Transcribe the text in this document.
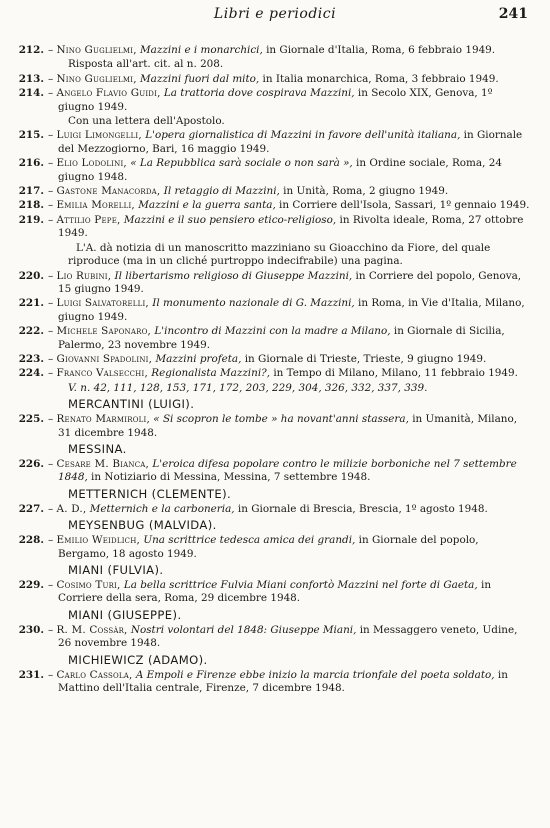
Libri e periodici	241
212. – Nino Guglielmi, Mazzini e i monarchici, in Giornale d'Italia, Roma, 6 febbraio 1949.
Risposta all'art. cit. al n. 208.
213. – Nino Guglielmi, Mazzini fuori dal mito, in Italia monarchica, Roma, 3 febbraio 1949.
214. – Angelo Flavio Guidi, La trattoria dove cospirava Mazzini, in Secolo XIX, Genova, 1º giugno 1949.
Con una lettera dell'Apostolo.
215. – Luigi Limongelli, L'opera giornalistica di Mazzini in favore dell'unità italiana, in Giornale del Mezzogiorno, Bari, 16 maggio 1949.
216. – Elio Lodolini, « La Repubblica sarà sociale o non sarà », in Ordine sociale, Roma, 24 giugno 1948.
217. – Gastone Manacorda, Il retaggio di Mazzini, in Unità, Roma, 2 giugno 1949.
218. – Emilia Morelli, Mazzini e la guerra santa, in Corriere dell'Isola, Sassari, 1º gennaio 1949.
219. – Attilio Pepe, Mazzini e il suo pensiero etico-religioso, in Rivolta ideale, Roma, 27 ottobre 1949.
L'A. dà notizia di un manoscritto mazziniano su Gioacchino da Fiore, del quale riproduce (ma in un cliché purtroppo indecifrabile) una pagina.
220. – Lio Rubini, Il libertarismo religioso di Giuseppe Mazzini, in Corriere del popolo, Genova, 15 giugno 1949.
221. – Luigi Salvatorelli, Il monumento nazionale di G. Mazzini, in Roma, in Vie d'Italia, Milano, giugno 1949.
222. – Michele Saponaro, L'incontro di Mazzini con la madre a Milano, in Giornale di Sicilia, Palermo, 23 novembre 1949.
223. – Giovanni Spadolini, Mazzini profeta, in Giornale di Trieste, Trieste, 9 giugno 1949.
224. – Franco Valsecchi, Regionalista Mazzini?, in Tempo di Milano, Milano, 11 febbraio 1949.
V. n. 42, 111, 128, 153, 171, 172, 203, 229, 304, 326, 332, 337, 339.
MERCANTINI (LUIGI).
225. – Renato Marmiroli, « Si scopron le tombe » ha novant'anni stassera, in Umanità, Milano, 31 dicembre 1948.
MESSINA.
226. – Cesare M. Bianca, L'eroica difesa popolare contro le milizie borboniche nel 7 settembre 1848, in Notiziario di Messina, Messina, 7 settembre 1948.
METTERNICH (CLEMENTE).
227. – A. D., Metternich e la carboneria, in Giornale di Brescia, Brescia, 1º agosto 1948.
MEYSENBUG (MALVIDA).
228. – Emilio Weidlich, Una scrittrice tedesca amica dei grandi, in Giornale del popolo, Bergamo, 18 agosto 1949.
MIANI (FULVIA).
229. – Cosimo Turi, La bella scrittrice Fulvia Miani confortò Mazzini nel forte di Gaeta, in Corriere della sera, Roma, 29 dicembre 1948.
MIANI (GIUSEPPE).
230. – R. M. Cossàr, Nostri volontari del 1848: Giuseppe Miani, in Messaggero veneto, Udine, 26 novembre 1948.
MICHIEWICZ (ADAMO).
231. – Carlo Cassola, A Empoli e Firenze ebbe inizio la marcia trionfale del poeta soldato, in Mattino dell'Italia centrale, Firenze, 7 dicembre 1948.
